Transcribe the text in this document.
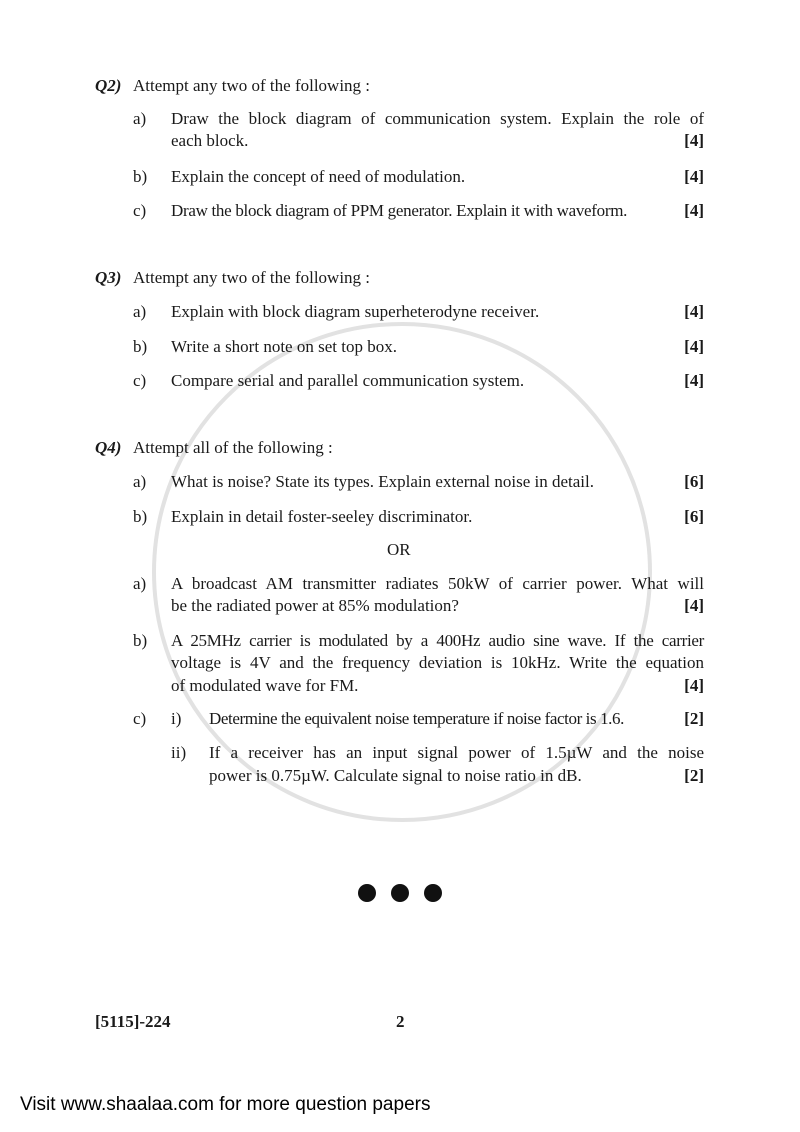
Q2) Attempt any two of the following :
a) Draw the block diagram of communication system. Explain the role of
each block.	[4]
b) Explain the concept of need of modulation.	[4]
c) Draw the block diagram of PPM generator. Explain it with waveform.	[4]
Q3) Attempt any two of the following :
a) Explain with block diagram superheterodyne receiver.	[4]
b) Write a short note on set top box.	[4]
c) Compare serial and parallel communication system.	[4]
Q4) Attempt all of the following :
a) What is noise? State its types. Explain external noise in detail.	[6]
b) Explain in detail foster-seeley discriminator.	[6]
OR
a) A broadcast AM transmitter radiates 50kW of carrier power. What will
be the radiated power at 85% modulation?	[4]
b) A 25MHz carrier is modulated by a 400Hz audio sine wave. If the carrier
voltage is 4V and the frequency deviation is 10kHz. Write the equation
of modulated wave for FM.	[4]
c) i) Determine the equivalent noise temperature if noise factor is 1.6.	[2]
ii) If a receiver has an input signal power of 1.5µW and the noise
power is 0.75µW. Calculate signal to noise ratio in dB.	[2]
[5115]-224	2
Visit www.shaalaa.com for more question papers
